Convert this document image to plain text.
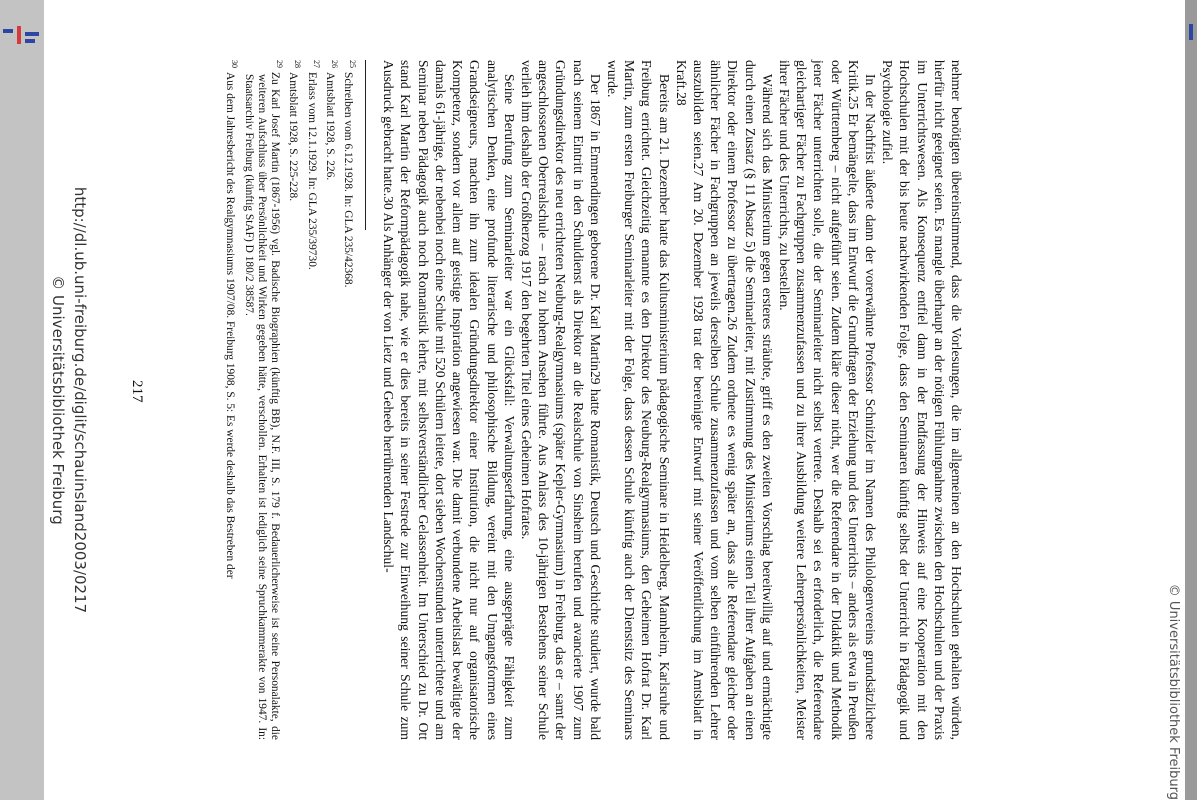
© Universitätsbibliothek Freiburg

nehmer benötigten übereinstimmend, dass die Vorlesungen, die im allgemeinen an den Hochschulen gehalten würden, hierfür nicht geeignet seien. Es mangle überhaupt an der nötigen Fühlungnahme zwischen den Hochschulen und der Praxis im Unterrichtswesen. Als Konsequenz entfiel dann in der Endfassung der Hinweis auf eine Kooperation mit den Hochschulen mit der bis heute nachwirkenden Folge, dass den Seminaren künftig selbst der Unterricht in Pädagogik und Psychologie zufiel.

In der Nachfrist äußerte dann der vorerwähnte Professor Schnitzler im Namen des Philologenvereins grundsätzlichere Kritik.25 Er bemängelte, dass im Entwurf die Grundfragen der Erziehung und des Unterrichts – anders als etwa in Preußen oder Württemberg – nicht aufgeführt seien. Zudem kläre dieser nicht, wer die Referendare in der Didaktik und Methodik jener Fächer unterrichten solle, die der Seminarleiter nicht selbst vertrete. Deshalb sei es erforderlich, die Referendare gleichartiger Fächer zu Fachgruppen zusammenzufassen und zu ihrer Ausbildung weitere Lehrerpersönlichkeiten, Meister ihrer Fächer und des Unterrichts, zu bestellen.

Während sich das Ministerium gegen ersteres sträubte, griff es den zweiten Vorschlag bereitwillig auf und ermächtigte durch einen Zusatz (§ 11 Absatz 5) die Seminarleiter, mit Zustimmung des Ministeriums einen Teil ihrer Aufgaben an einen Direktor oder einem Professor zu übertragen.26 Zudem ordnete es wenig später an, dass alle Referendare gleicher oder ähnlicher Fächer in Fachgruppen an jeweils derselben Schule zusammenzufassen und vom selben einführenden Lehrer auszubilden seien.27 Am 20. Dezember 1928 trat der bereinigte Entwurf mit seiner Veröffentlichung im Amtsblatt in Kraft.28

Bereits am 21. Dezember hatte das Kultusministerium pädagogische Seminare in Heidelberg, Mannheim, Karlsruhe und Freiburg errichtet. Gleichzeitig ernannte es den Direktor des Neuburg-Realgymnasiums, den Geheimen Hofrat Dr. Karl Martin, zum ersten Freiburger Seminarleiter mit der Folge, dass dessen Schule künftig auch der Dienstsitz des Seminars wurde.

Der 1867 in Emmendingen geborene Dr. Karl Martin29 hatte Romanistik, Deutsch und Geschichte studiert, wurde bald nach seinem Eintritt in den Schuldienst als Direktor an die Realschule von Sinsheim berufen und avancierte 1907 zum Gründungsdirektor des neu errichteten Neuburg-Realgymnasiums (später Kepler-Gymnasium) in Freiburg, das er – samt der angeschlossenen Oberrealschule – rasch zu hohem Ansehen führte. Aus Anlass des 10-jährigen Bestehens seiner Schule verlieh ihm deshalb der Großherzog 1917 den begehrten Titel eines Geheimen Hofrates.

Seine Berufung zum Seminarleiter war ein Glücksfall: Verwaltungserfahrung, eine ausgeprägte Fähigkeit zum analytischen Denken, eine profunde literarische und philosophische Bildung, vereint mit den Umgangsformen eines Grandseigneurs, machten ihn zum idealen Gründungsdirektor einer Institution, die nicht nur auf organisatorische Kompetenz, sondern vor allem auf geistige Inspiration angewiesen war. Die damit verbundene Arbeitslast bewältigte der damals 61-jährige, der nebenbei noch eine Schule mit 520 Schülern leitete, dort sieben Wochenstunden unterrichtete und am Seminar neben Pädagogik auch noch Romanistik lehrte, mit selbstverständlicher Gelassenheit. Im Unterschied zu Dr. Ott stand Karl Martin der Reformpädagogik nahe, wie er dies bereits in seiner Festrede zur Einweihung seiner Schule zum Ausdruck gebracht hatte.30 Als Anhänger der von Lietz und Geheeb herrührenden Landschul-

$^{25}$Schreiben vom 6.12.1928. In: GLA 235/42368.
$^{26}$Amtsblatt 1928, S. 226.
$^{27}$Erlass vom 12.1.1929. In: GLA 235/39730.
$^{28}$Amtsblatt 1928, S. 225-228.
$^{29}$Zu Karl Josef Martin (1867-1956) vgl. Badische Biographien (künftig BB), N.F. III, S. 179 f. Bedauerlicherweise ist seine Personalakte, die weiteren Aufschluss über Persönlichkeit und Wirken gegeben hätte, verschollen. Erhalten ist lediglich seine Spruchkammerakte von 1947. In: Staatsarchiv Freiburg (künftig StAF) D 180/2 38587.
$^{30}$Aus dem Jahresbericht des Realgymnasiums 1907/08. Freiburg 1908, S. 5: Es werde deshalb das Bestreben der
217
http://dl.ub.uni-freiburg.de/diglit/schauinsland2003/0217
© Universitätsbibliothek Freiburg
